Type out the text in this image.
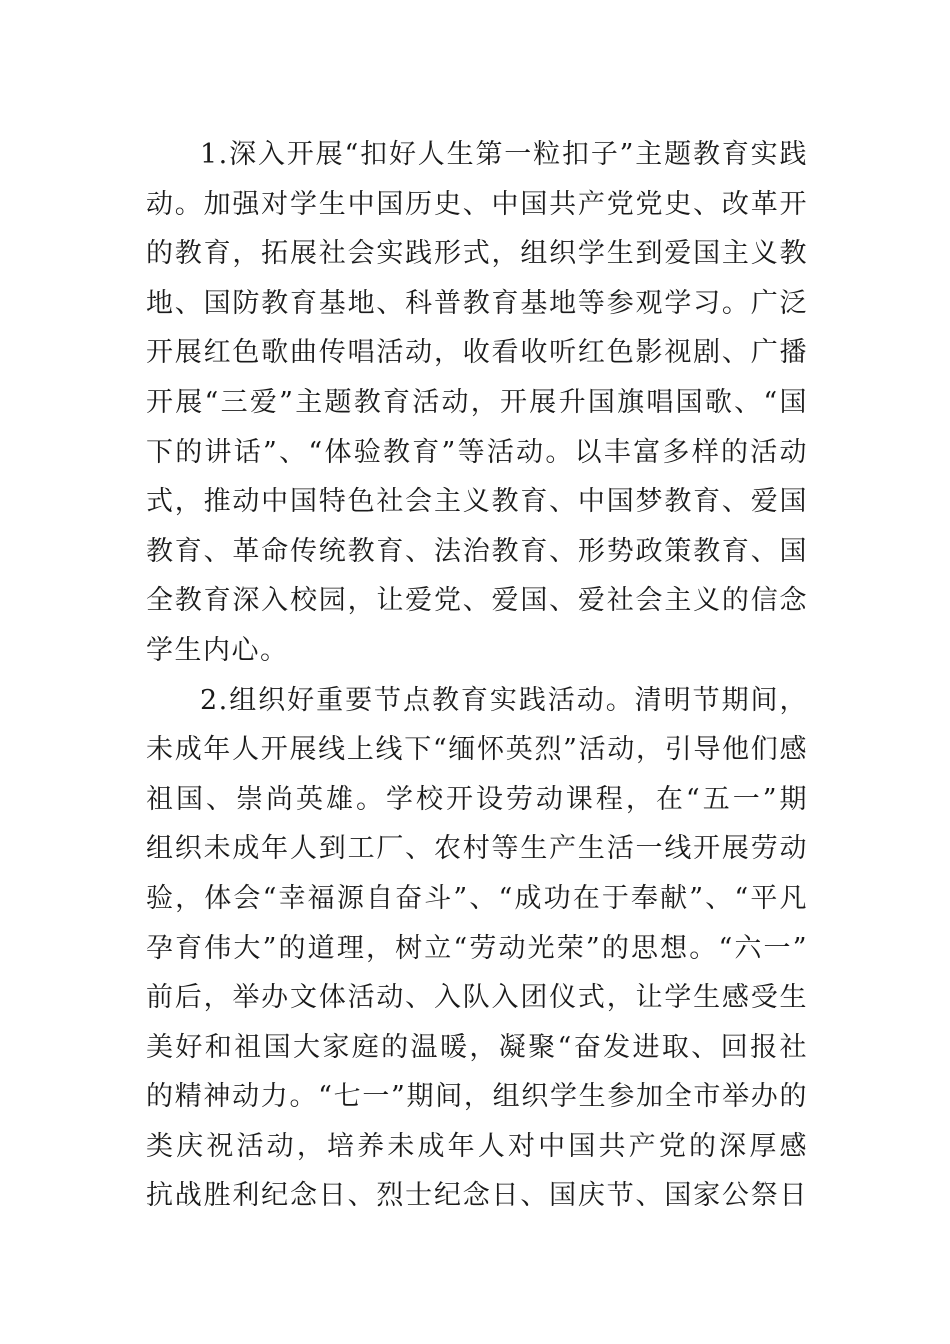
1.深入开展“扣好人生第一粒扣子”主题教育实践
动。加强对学生中国历史、中国共产党党史、改革开
的教育，拓展社会实践形式，组织学生到爱国主义教
地、国防教育基地、科普教育基地等参观学习。广泛
开展红色歌曲传唱活动，收看收听红色影视剧、广播
开展“三爱”主题教育活动，开展升国旗唱国歌、“国
下的讲话”、“体验教育”等活动。以丰富多样的活动
式，推动中国特色社会主义教育、中国梦教育、爱国
教育、革命传统教育、法治教育、形势政策教育、国
全教育深入校园，让爱党、爱国、爱社会主义的信念
学生内心。
2.组织好重要节点教育实践活动。清明节期间，
未成年人开展线上线下“缅怀英烈”活动，引导他们感
祖国、崇尚英雄。学校开设劳动课程，在“五一”期
组织未成年人到工厂、农村等生产生活一线开展劳动
验，体会“幸福源自奋斗”、“成功在于奉献”、“平凡
孕育伟大”的道理，树立“劳动光荣”的思想。“六一”
前后，举办文体活动、入队入团仪式，让学生感受生
美好和祖国大家庭的温暖，凝聚“奋发进取、回报社
的精神动力。“七一”期间，组织学生参加全市举办的
类庆祝活动，培养未成年人对中国共产党的深厚感
抗战胜利纪念日、烈士纪念日、国庆节、国家公祭日
